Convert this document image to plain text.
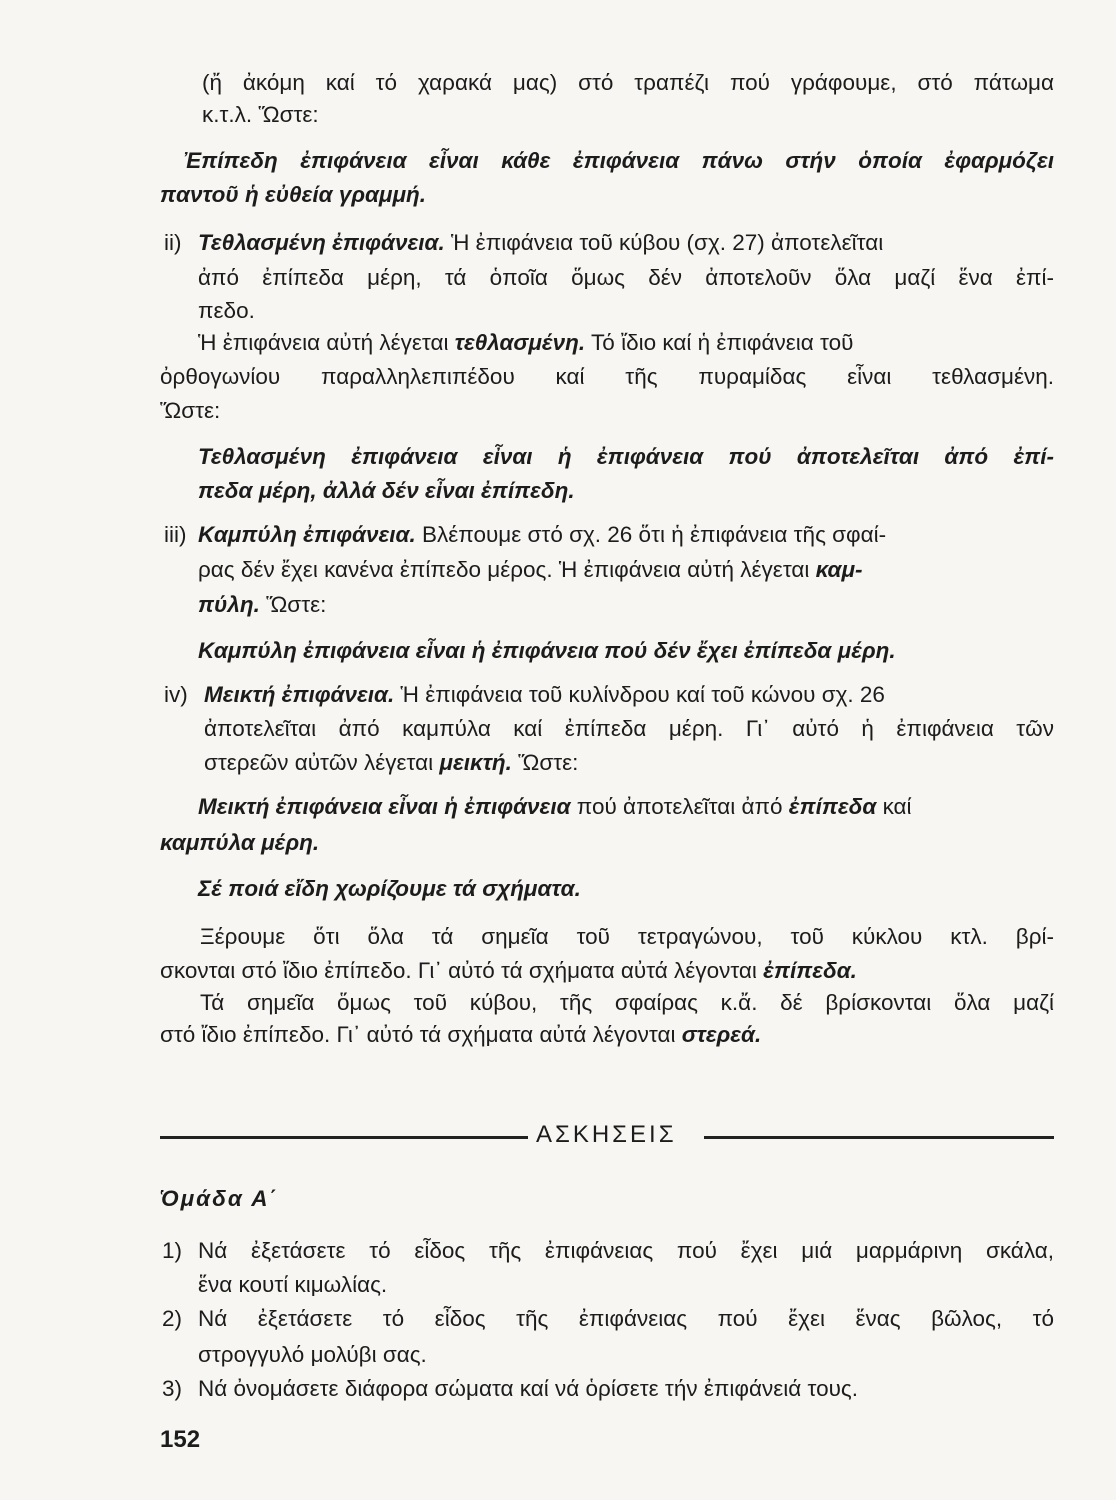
(ἤ ἀκόμη καί τό χαρακά μας) στό τραπέζι πού γράφουμε, στό πάτωμα
κ.τ.λ. Ὥστε:
Ἐπίπεδη ἐπιφάνεια εἶναι κάθε ἐπιφάνεια πάνω στήν ὁποία ἐφαρμόζει
παντοῦ ἡ εὐθεία γραμμή.
ii) Τεθλασμένη ἐπιφάνεια. Ἡ ἐπιφάνεια τοῦ κύβου (σχ. 27) ἀποτελεῖται
ἀπό ἐπίπεδα μέρη, τά ὁποῖα ὅμως δέν ἀποτελοῦν ὅλα μαζί ἕνα ἐπί-
πεδο.
Ἡ ἐπιφάνεια αὐτή λέγεται τεθλασμένη. Τό ἴδιο καί ἡ ἐπιφάνεια τοῦ
ὀρθογωνίου παραλληλεπιπέδου καί τῆς πυραμίδας εἶναι τεθλασμένη.
Ὥστε:
Τεθλασμένη ἐπιφάνεια εἶναι ἡ ἐπιφάνεια πού ἀποτελεῖται ἀπό ἐπί-
πεδα μέρη, ἀλλά δέν εἶναι ἐπίπεδη.
iii) Καμπύλη ἐπιφάνεια. Βλέπουμε στό σχ. 26 ὅτι ἡ ἐπιφάνεια τῆς σφαί-
ρας δέν ἔχει κανένα ἐπίπεδο μέρος. Ἡ ἐπιφάνεια αὐτή λέγεται καμ-
πύλη. Ὥστε:
Καμπύλη ἐπιφάνεια εἶναι ἡ ἐπιφάνεια πού δέν ἔχει ἐπίπεδα μέρη.
iv) Μεικτή ἐπιφάνεια. Ἡ ἐπιφάνεια τοῦ κυλίνδρου καί τοῦ κώνου σχ. 26
ἀποτελεῖται ἀπό καμπύλα καί ἐπίπεδα μέρη. Γι᾽ αὐτό ἡ ἐπιφάνεια τῶν
στερεῶν αὐτῶν λέγεται μεικτή. Ὥστε:
Μεικτή ἐπιφάνεια εἶναι ἡ ἐπιφάνεια πού ἀποτελεῖται ἀπό ἐπίπεδα καί
καμπύλα μέρη.
Σέ ποιά εἴδη χωρίζουμε τά σχήματα.
Ξέρουμε ὅτι ὅλα τά σημεῖα τοῦ τετραγώνου, τοῦ κύκλου κτλ. βρί-
σκονται στό ἴδιο ἐπίπεδο. Γι᾽ αὐτό τά σχήματα αὐτά λέγονται ἐπίπεδα.
Τά σημεῖα ὅμως τοῦ κύβου, τῆς σφαίρας κ.ἄ. δέ βρίσκονται ὅλα μαζί
στό ἴδιο ἐπίπεδο. Γι᾽ αὐτό τά σχήματα αὐτά λέγονται στερεά.
ΑΣΚΗΣΕΙΣ
Ὁμάδα Α΄
1) Νά ἐξετάσετε τό εἶδος τῆς ἐπιφάνειας πού ἔχει μιά μαρμάρινη σκάλα,
ἕνα κουτί κιμωλίας.
2) Νά ἐξετάσετε τό εἶδος τῆς ἐπιφάνειας πού ἔχει ἕνας βῶλος, τό
στρογγυλό μολύβι σας.
3) Νά ὀνομάσετε διάφορα σώματα καί νά ὁρίσετε τήν ἐπιφάνειά τους.
152
